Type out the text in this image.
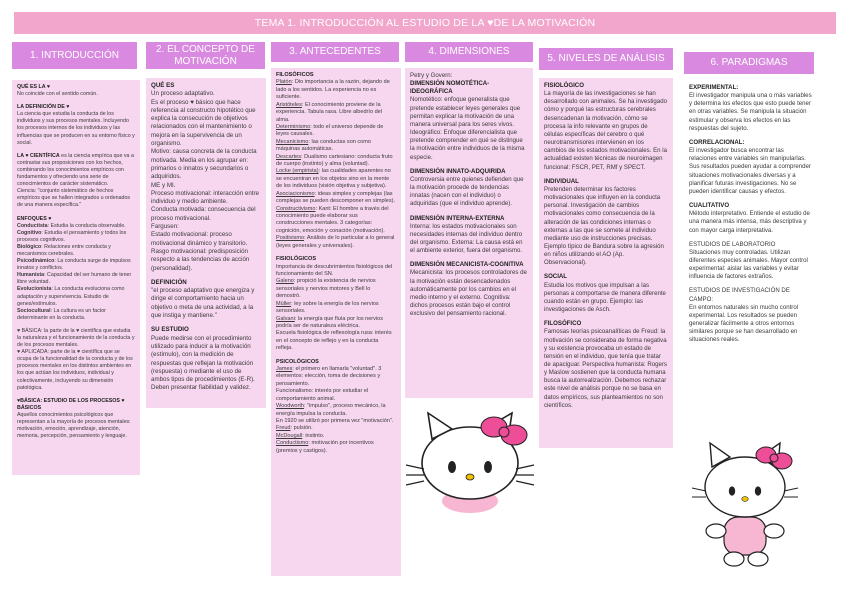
TEMA 1. INTRODUCCIÓN AL ESTUDIO DE LA ♥DE LA MOTIVACIÓN
1. INTRODUCCIÓN
2. EL CONCEPTO DE MOTIVACIÓN
3. ANTECEDENTES	4. DIMENSIONES
5. NIVELES DE ANÁLISIS	6. PARADIGMAS
QUÉ ES LA ♥
No coincide con el sentido común.
LA DEFINICIÓN DE ♥
La ciencia que estudia la conducta de los individuos y sus procesos mentales. Incluyendo los procesos internos de los individuos y las influencias que se producen en su entorno físico y social.
LA ♥ CIENTÍFICA es la ciencia empírica que va a contrastar sus proposiciones con los hechos, combinando los conocimientos empíricos con fundamentos y ofreciendo una serie de conocimientos de carácter sistemático.
Ciencia: "conjunto sistemático de hechos empíricos que se hallen integrados u ordenados de una manera específica."
ENFOQUES ♥
Conductista: Estudia la conducta observable.
Cognitivo: Estudia el pensamiento y todos los procesos cognitivos.
Biológico: Relaciones entre conducta y mecanismos cerebrales.
Psicodinámico: La conducta surge de impulsos innatos y conflictos.
Humanista: Capacidad del ser humano de tener libre voluntad.
Evolucionista: La conducta evoluciona como adaptación y supervivencia. Estudio de genes/estímulos.
Sociocultural: La cultura es un factor determinante en la conducta.
♥ BÁSICA: la parte de la ♥ científica que estudia la naturaleza y el funcionamiento de la conducta y de los procesos mentales.
♥ APLICADA: parte de la ♥ científica que se ocupa de la funcionalidad de la conducta y de los procesos mentales en los distintos ambientes en los que actúan los individuos, individual y colectivamente, incluyendo su dimensión patológica.
♥BÁSICA: ESTUDIO DE LOS PROCESOS ♥ BÁSICOS
Aquellos conocimientos psicológicos que representan a la mayoría de procesos mentales: motivación, emoción, aprendizaje, atención, memoria, percepción, pensamiento y lenguaje.
QUÉ ES
Un proceso adaptativo.
Es el proceso ♥ básico que hace referencia al constructo hipotético que explica la consecución de objetivos relacionados con el mantenimiento o mejora en la supervivencia de un organismo.
Motivo: causa concreta de la conducta motivada. Media en los agrupar en: primarios o innatos y secundarios o adquiridos.
ME y MI.
Proceso motivacional: interacción entre individuo y medio ambiente.
Conducta motivada: consecuencia del proceso motivacional.
Fargusen:
Estado motivacional: proceso motivacional dinámico y transitorio.
Rasgo motivacional: predisposición respecto a las tendencias de acción (personalidad).
DEFINICIÓN
"el proceso adaptativo que energiza y dirige el comportamiento hacia un objetivo o meta de una actividad, a la que instiga y mantiene."
SU ESTUDIO
Puede medirse con el procedimiento utilizado para inducir a la motivación (estímulo), con la medición de respuestas que reflejan la motivación (respuesta) o mediante el uso de ambos tipos de procedimientos (E-R). Deben presentar fiabilidad y validez.
FILOSÓFICOS
Platón: Dio importancia a la razón, dejando de lado a los sentidos. La experiencia no es suficiente.
Aristóteles: El conocimiento proviene de la experiencia. Tabula rasa. Libre albedrío del alma.
Determinismo: todo el universo depende de leyes causales.
Mecanicismo: las conductas son como máquinas automáticas.
Descartes: Dualismo cartesiano: conducta fruto de cuerpo (instinto) y alma (voluntad).
Locke (empirista): las cualidades aparentes no se encuentran en los objetos sino en la mente de los individuos (visión objetiva y subjetiva).
Asociacionismo: ideas simples y complejas (las complejas se pueden descomponer en simples).
Constructivismo: Kant: El hombre a través del conocimiento puede elaborar sus construcciones mentales. 3 categorías: cognición, emoción y conación (motivación).
Positivismo: Análisis de lo particular a lo general (leyes generales y universales).
FISIOLÓGICOS
Importancia de descubrimientos fisiológicos del funcionamiento del SN.
Galeno: propició la existencia de nervios sensoriales y nervios motores y Bell lo demostró.
Müller: ley sobre la energía de los nervios sensoriales.
Galvani: la energía que fluía por los nervios podría ser de naturaleza eléctrica.
Escuela fisiológica de reflexología rusa: interés en el concepto de reflejo y en la conducta refleja.
PSICOLÓGICOS
James: el primero en llamarla "voluntad". 3 elementos: elección, toma de decisiones y pensamiento.
Funcionalismo: interés por estudiar el comportamiento animal.
Woodworth: "impulso", proceso mecánico, la energía impulsa la conducta.
En 1920 se utilizó por primera vez "motivación".
Freud: pulsión.
McDougall: instinto.
Conductismo: motivación por incentivos (premios y castigos).
Petry y Govern:
DIMENSIÓN NOMOTÉTICA-IDEOGRÁFICA
Nomotético: enfoque generalista que pretende establecer leyes generales que permitan explicar la motivación de una manera universal para los seres vivos. Ideográfico: Enfoque diferencialista que pretende comprender en qué se distingue la motivación entre individuos de la misma especie.
DIMENSIÓN INNATO-ADQUIRIDA
Controversia entre quienes defienden que la motivación procede de tendencias innatas (nacen con el individuo) o adquiridas (que el individuo aprende).
DIMENSIÓN INTERNA-EXTERNA
Interna: los estados motivacionales son necesidades internas del individuo dentro del organismo. Externa: La causa está en el ambiente exterior, fuera del organismo.
DIMENSIÓN MECANICISTA-COGNITIVA
Mecanicista: los procesos controladores de la motivación están desencadenados automáticamente por los cambios en el medio interno y el externo. Cognitiva: dichos procesos están bajo el control exclusivo del pensamiento racional.
FISIOLÓGICO
La mayoría de las investigaciones se han desarrollado con animales. Se ha investigado cómo y porqué las estructuras cerebrales desencadenan la motivación, cómo se procesa la info relevante en grupos de células específicas del cerebro o qué neurotransmisores intervienen en los cambios de los estados motivacionales. En la actualidad existen técnicas de neuroimagen funcional: FSCR, PET, RMf y SPECT.
INDIVIDUAL
Pretenden determinar los factores motivacionales que influyen en la conducta personal. Investigación de cambios motivacionales como consecuencia de la alteración de las condiciones internas o externas a las que se somete al individuo mediante uso de instrucciones precisas. Ejemplo típico de Bandura sobre la agresión en niños utilizando el AO (Ap. Observacional).
SOCIAL
Estudia los motivos que impulsan a las personas a comportarse de manera diferente cuando están en grupo. Ejemplo: las investigaciones de Asch.
FILOSÓFICO
Famosas teorías psicoanalíticas de Freud: la motivación se consideraba de forma negativa y su existencia provocaba un estado de tensión en el individuo, que tenía que tratar de apaciguar. Perspectiva humanista: Rogers y Maslow sostienen que la conducta humana busca la autorrealización. Debemos rechazar este nivel de análisis porque no se basa en datos empíricos, sus planteamientos no son científicos.
EXPERIMENTAL:
El investigador manipula una o más variables y determina los efectos que esto puede tener en otras variables. Se manipula la situación estimular y observa los efectos en las respuestas del sujeto.
CORRELACIONAL:
El investigador busca encontrar las relaciones entre variables sin manipularlas. Sus resultados pueden ayudar a comprender situaciones motivacionales diversas y a planificar futuras investigaciones. No se pueden identificar causas y efectos.
CUALITATIVO
Método interpretativo. Entiende el estudio de una manera más intensa, más descriptiva y con mayor carga interpretativa.
ESTUDIOS DE LABORATORIO
Situaciones muy controladas. Utilizan diferentes especies animales. Mayor control experimental: aislar las variables y evitar influencia de factores extraños.
ESTUDIOS DE INVESTIGACIÓN DE CAMPO:
En entornos naturales sin mucho control experimental. Los resultados se pueden generalizar fácilmente a otros entornos similares porque se han desarrollado en situaciones reales.
